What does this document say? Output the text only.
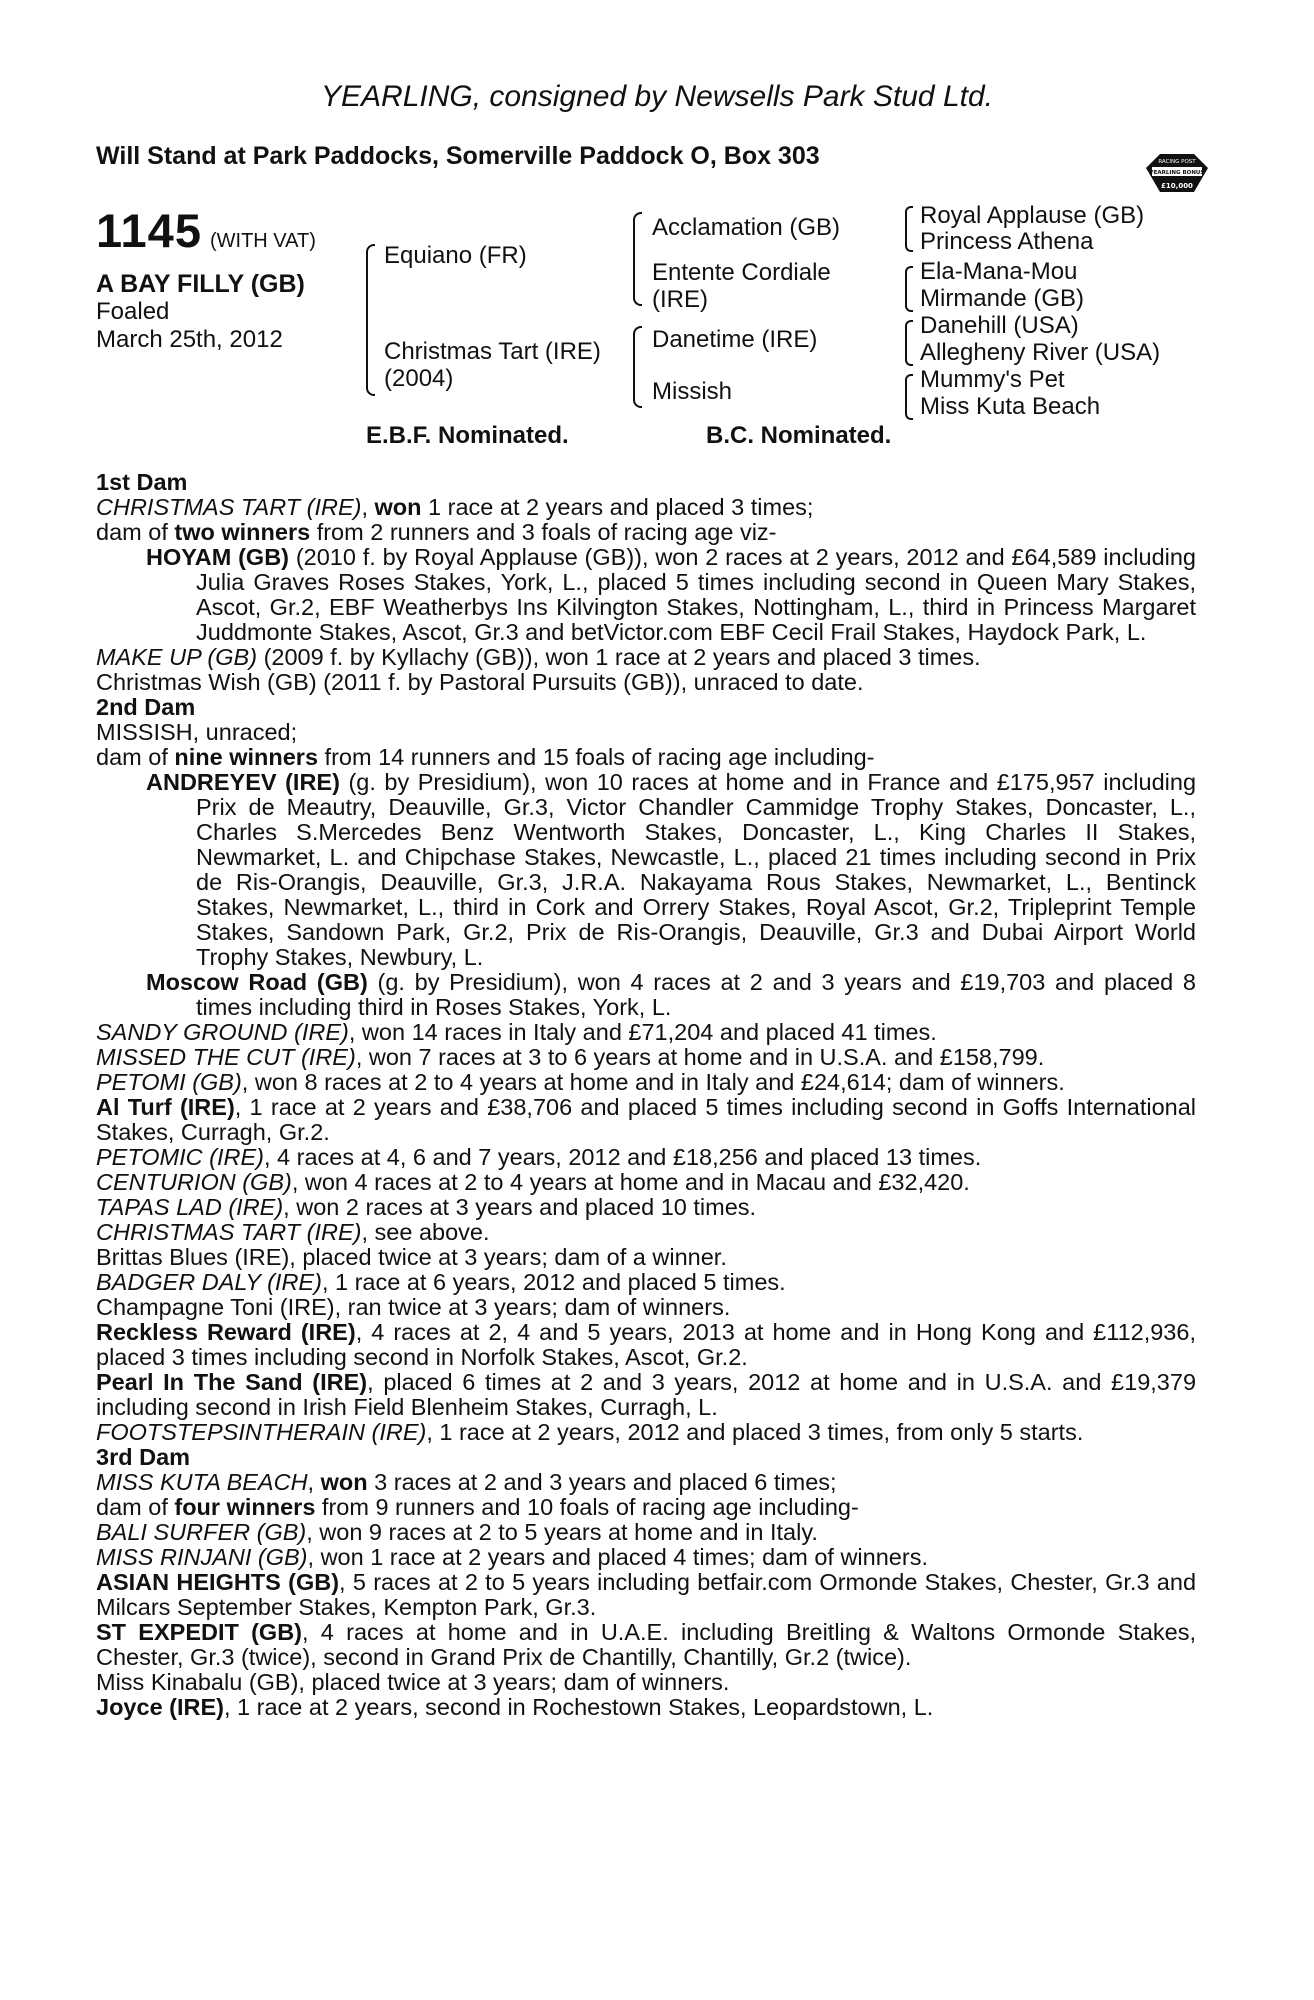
YEARLING, consigned by Newsells Park Stud Ltd.
Will Stand at Park Paddocks, Somerville Paddock O, Box 303	RACING POST
YEARLING BONUS
£10,000
1145 (WITH VAT)
A BAY FILLY (GB)
Foaled
March 25th, 2012
Equiano (FR)
Christmas Tart (IRE)
(2004)
Acclamation (GB)
Entente Cordiale
(IRE)
Danetime (IRE)
Missish
Royal Applause (GB)
Princess Athena
Ela-Mana-Mou
Mirmande (GB)
Danehill (USA)
Allegheny River (USA)
Mummy's Pet
Miss Kuta Beach
E.B.F. Nominated.	B.C. Nominated.

1st Dam

CHRISTMAS TART (IRE), won 1 race at 2 years and placed 3 times;

dam of two winners from 2 runners and 3 foals of racing age viz-

HOYAM (GB) (2010 f. by Royal Applause (GB)), won 2 races at 2 years, 2012 and £64,589 including Julia Graves Roses Stakes, York, L., placed 5 times including second in Queen Mary Stakes, Ascot, Gr.2, EBF Weatherbys Ins Kilvington Stakes, Nottingham, L., third in Princess Margaret Juddmonte Stakes, Ascot, Gr.3 and betVictor.com EBF Cecil Frail Stakes, Haydock Park, L.

MAKE UP (GB) (2009 f. by Kyllachy (GB)), won 1 race at 2 years and placed 3 times.

Christmas Wish (GB) (2011 f. by Pastoral Pursuits (GB)), unraced to date.

2nd Dam

MISSISH, unraced;

dam of nine winners from 14 runners and 15 foals of racing age including-

ANDREYEV (IRE) (g. by Presidium), won 10 races at home and in France and £175,957 including Prix de Meautry, Deauville, Gr.3, Victor Chandler Cammidge Trophy Stakes, Doncaster, L., Charles S.Mercedes Benz Wentworth Stakes, Doncaster, L., King Charles II Stakes, Newmarket, L. and Chipchase Stakes, Newcastle, L., placed 21 times including second in Prix de Ris-Orangis, Deauville, Gr.3, J.R.A. Nakayama Rous Stakes, Newmarket, L., Bentinck Stakes, Newmarket, L., third in Cork and Orrery Stakes, Royal Ascot, Gr.2, Tripleprint Temple Stakes, Sandown Park, Gr.2, Prix de Ris-Orangis, Deauville, Gr.3 and Dubai Airport World Trophy Stakes, Newbury, L.

Moscow Road (GB) (g. by Presidium), won 4 races at 2 and 3 years and £19,703 and placed 8 times including third in Roses Stakes, York, L.

SANDY GROUND (IRE), won 14 races in Italy and £71,204 and placed 41 times.

MISSED THE CUT (IRE), won 7 races at 3 to 6 years at home and in U.S.A. and £158,799.

PETOMI (GB), won 8 races at 2 to 4 years at home and in Italy and £24,614; dam of winners.

Al Turf (IRE), 1 race at 2 years and £38,706 and placed 5 times including second in Goffs International Stakes, Curragh, Gr.2.

PETOMIC (IRE), 4 races at 4, 6 and 7 years, 2012 and £18,256 and placed 13 times.

CENTURION (GB), won 4 races at 2 to 4 years at home and in Macau and £32,420.

TAPAS LAD (IRE), won 2 races at 3 years and placed 10 times.

CHRISTMAS TART (IRE), see above.

Brittas Blues (IRE), placed twice at 3 years; dam of a winner.

BADGER DALY (IRE), 1 race at 6 years, 2012 and placed 5 times.

Champagne Toni (IRE), ran twice at 3 years; dam of winners.

Reckless Reward (IRE), 4 races at 2, 4 and 5 years, 2013 at home and in Hong Kong and £112,936, placed 3 times including second in Norfolk Stakes, Ascot, Gr.2.

Pearl In The Sand (IRE), placed 6 times at 2 and 3 years, 2012 at home and in U.S.A. and £19,379 including second in Irish Field Blenheim Stakes, Curragh, L.

FOOTSTEPSINTHERAIN (IRE), 1 race at 2 years, 2012 and placed 3 times, from only 5 starts.

3rd Dam

MISS KUTA BEACH, won 3 races at 2 and 3 years and placed 6 times;

dam of four winners from 9 runners and 10 foals of racing age including-

BALI SURFER (GB), won 9 races at 2 to 5 years at home and in Italy.

MISS RINJANI (GB), won 1 race at 2 years and placed 4 times; dam of winners.

ASIAN HEIGHTS (GB), 5 races at 2 to 5 years including betfair.com Ormonde Stakes, Chester, Gr.3 and Milcars September Stakes, Kempton Park, Gr.3.

ST EXPEDIT (GB), 4 races at home and in U.A.E. including Breitling & Waltons Ormonde Stakes, Chester, Gr.3 (twice), second in Grand Prix de Chantilly, Chantilly, Gr.2 (twice).

Miss Kinabalu (GB), placed twice at 3 years; dam of winners.

Joyce (IRE), 1 race at 2 years, second in Rochestown Stakes, Leopardstown, L.
